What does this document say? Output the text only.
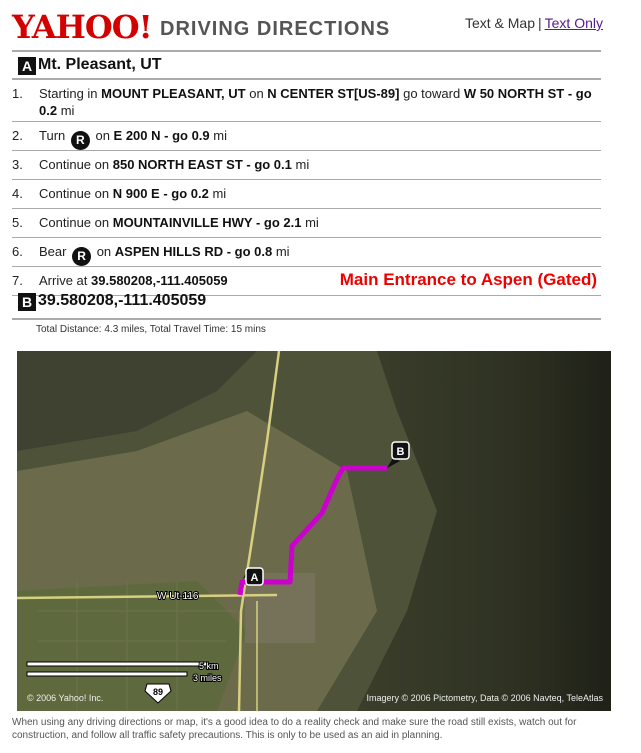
YAHOO! DRIVING DIRECTIONS	Text & Map | Text Only
A Mt. Pleasant, UT
1. Starting in MOUNT PLEASANT, UT on N CENTER ST[US-89] go toward W 50 NORTH ST - go 0.2 mi
2. Turn R on E 200 N - go 0.9 mi
3. Continue on 850 NORTH EAST ST - go 0.1 mi
4. Continue on N 900 E - go 0.2 mi
5. Continue on MOUNTAINVILLE HWY - go 2.1 mi
6. Bear R on ASPEN HILLS RD - go 0.8 mi
7. Arrive at 39.580208,-111.405059	Main Entrance to Aspen (Gated)
B 39.580208,-111.405059
Total Distance: 4.3 miles, Total Travel Time: 15 mins
A
B
W Ut-116
5 km
3 miles
© 2006 Yahoo! Inc.
89
Imagery © 2006 Pictometry, Data © 2006 Navteq, TeleAtlas
When using any driving directions or map, it's a good idea to do a reality check and make sure the road still exists, watch out for construction, and follow all traffic safety precautions. This is only to be used as an aid in planning.
